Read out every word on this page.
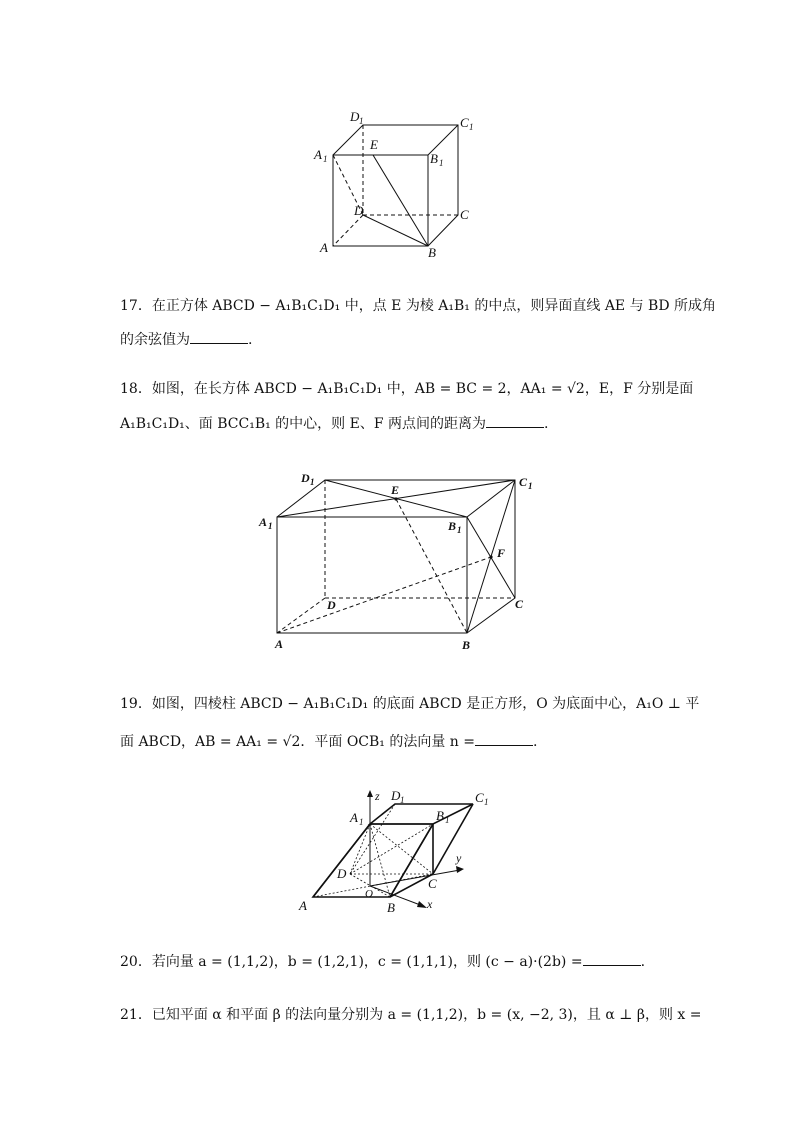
D 1	C 1
A 1
E
B 1
D	C
A	B
17．在正方体 ABCD − A₁B₁C₁D₁ 中，点 E 为棱 A₁B₁ 的中点，则异面直线 AE 与 BD 所成角
的余弦值为	.
18．如图，在长方体 ABCD − A₁B₁C₁D₁ 中，AB = BC = 2，AA₁ = √2，E，F 分别是面
A₁B₁C₁D₁、面 BCC₁B₁ 的中心，则 E、F 两点间的距离为	.
D 1	C 1
E
A 1	B 1
F
D	C
A	B
19．如图，四棱柱 ABCD − A₁B₁C₁D₁ 的底面 ABCD 是正方形，O 为底面中心，A₁O ⊥ 平
面 ABCD，AB = AA₁ = √2．平面 OCB₁ 的法向量 n =	.
z D 1	C 1
A 1	B 1
y
D
C
O
A	B	x
20．若向量 a = (1,1,2)，b = (1,2,1)，c = (1,1,1)，则 (c − a)·(2b) =	.
21．已知平面 α 和平面 β 的法向量分别为 a = (1,1,2)，b = (x, −2, 3)，且 α ⊥ β，则 x =
